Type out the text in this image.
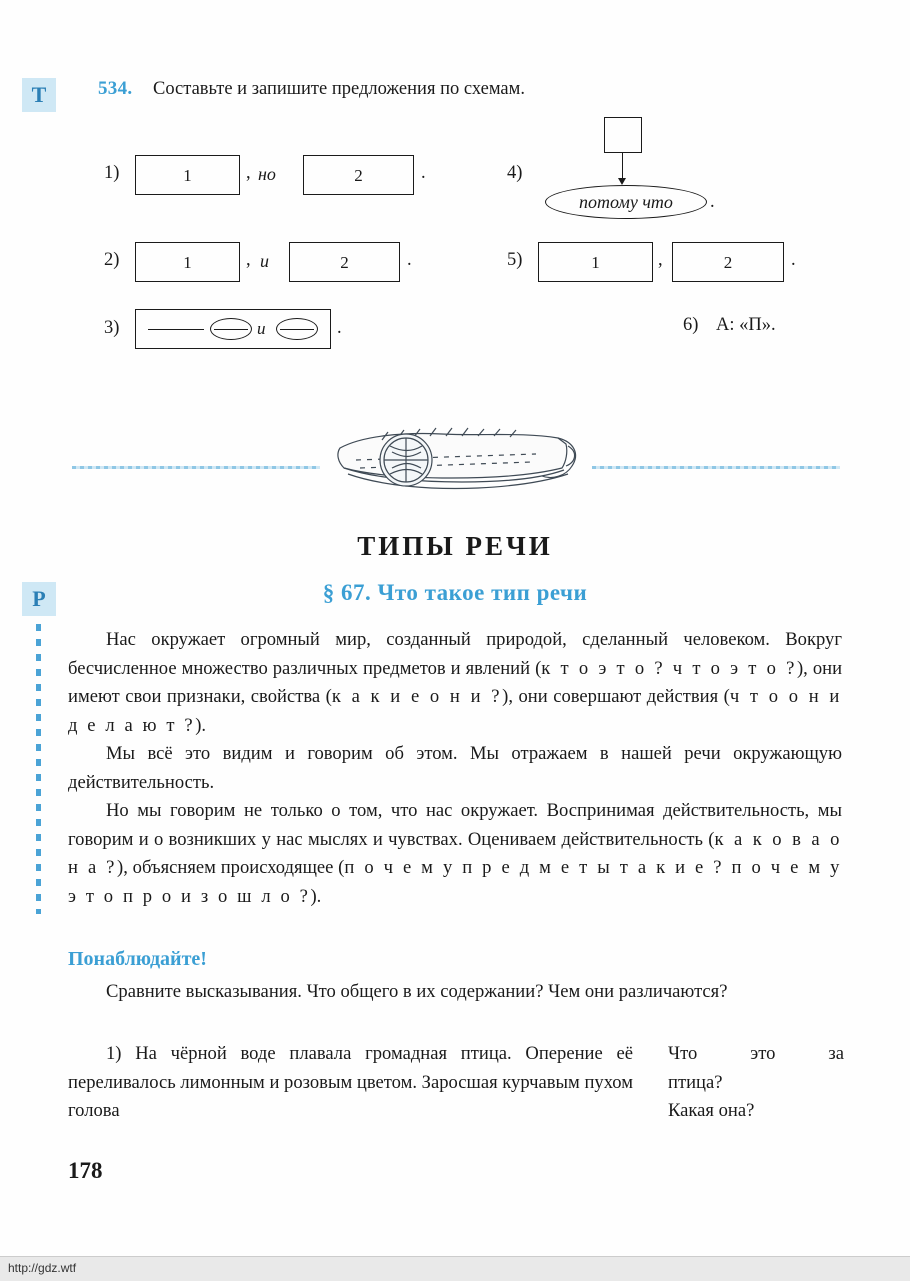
Т	534. Составьте и запишите предложения по схемам.
1)	1	, но	2	.
2)	1	, и	2	.
3)	и	.
4)
потому что	.
5)	1	,	2	.
6) А: «П».
ТИПЫ РЕЧИ
§ 67. Что такое тип речи
Р

Нас окружает огромный мир, созданный природой, сделанный человеком. Вокруг бесчисленное множество различных предметов и явлений (к т о э т о ? ч т о э т о ?), они имеют свои признаки, свойства (к а к и е о н и ?), они совершают действия (ч т о о н и д е л а ю т ?).

Мы всё это видим и говорим об этом. Мы отражаем в нашей речи окружающую действительность.

Но мы говорим не только о том, что нас окружает. Воспринимая действительность, мы говорим и о возникших у нас мыслях и чувствах. Оцениваем действительность (к а к о в а о н а ?), объясняем происходящее (п о ч е м у п р е д м е т ы т а к и е ? п о ч е м у э т о п р о и з о ш л о ?).

Понаблюдайте!

Сравните высказывания. Что общего в их содержании? Чем они различаются?

1) На чёрной воде плавала громадная птица. Оперение её переливалось лимонным и розовым цветом. Заросшая курчавым пухом голова

Что это за

птица?

Какая она?

178
http://gdz.wtf
